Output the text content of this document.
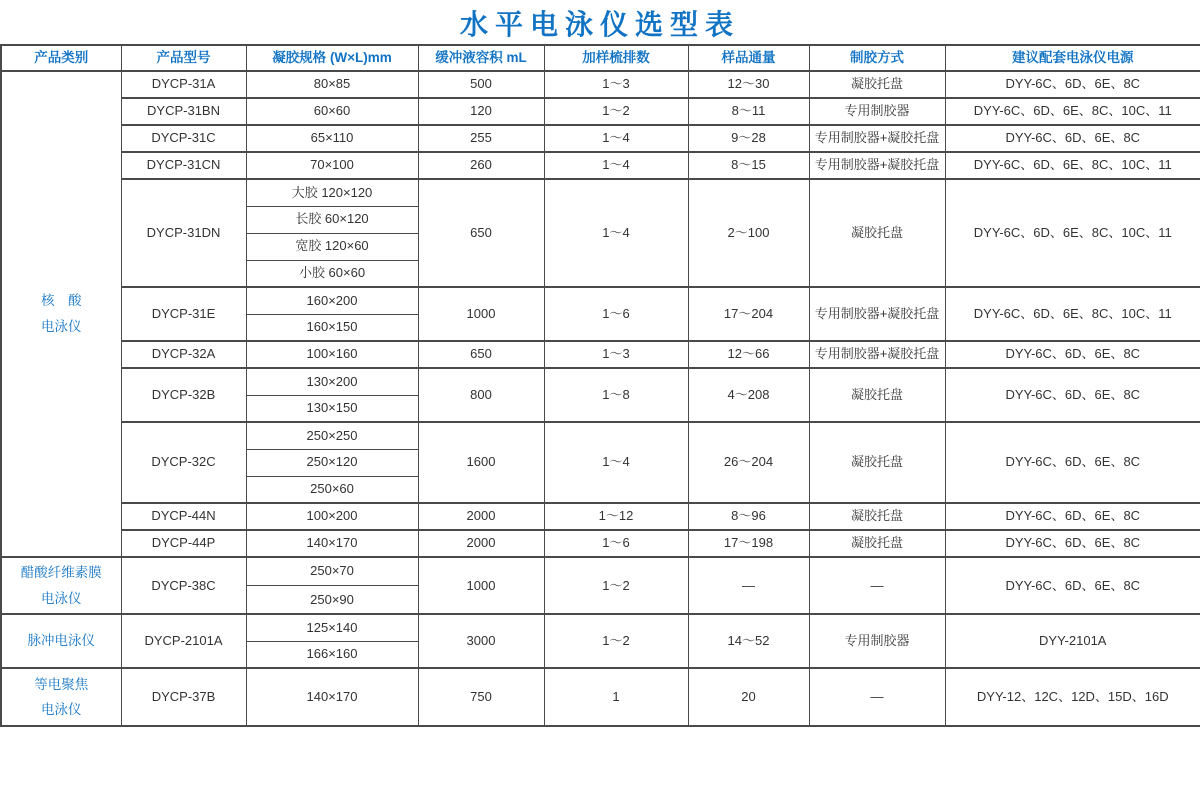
水平电泳仪选型表
产品类别	产品型号	凝胶规格 (W×L)mm	缓冲液容积 mL	加样梳排数	样品通量	制胶方式	建议配套电泳仪电源

核　酸
电泳仪	DYCP-31A	80×85	500	1～3	12～30	凝胶托盘	DYY-6C、6D、6E、8C
	DYCP-31BN	60×60	120	1～2	8～11	专用制胶器	DYY-6C、6D、6E、8C、10C、11
	DYCP-31C	65×110	255	1～4	9～28	专用制胶器+凝胶托盘	DYY-6C、6D、6E、8C
	DYCP-31CN	70×100	260	1～4	8～15	专用制胶器+凝胶托盘	DYY-6C、6D、6E、8C、10C、11
	DYCP-31DN	大胶 120×120	650	1～4	2～100	凝胶托盘	DYY-6C、6D、6E、8C、10C、11
		长胶 60×120					
		宽胶 120×60					
		小胶 60×60					
	DYCP-31E	160×200	1000	1～6	17～204	专用制胶器+凝胶托盘	DYY-6C、6D、6E、8C、10C、11
		160×150					
	DYCP-32A	100×160	650	1～3	12～66	专用制胶器+凝胶托盘	DYY-6C、6D、6E、8C
	DYCP-32B	130×200	800	1～8	4～208	凝胶托盘	DYY-6C、6D、6E、8C
		130×150					
	DYCP-32C	250×250	1600	1～4	26～204	凝胶托盘	DYY-6C、6D、6E、8C
		250×120					
		250×60					
	DYCP-44N	100×200	2000	1～12	8～96	凝胶托盘	DYY-6C、6D、6E、8C
	DYCP-44P	140×170	2000	1～6	17～198	凝胶托盘	DYY-6C、6D、6E、8C

醋酸纤维素膜
电泳仪	DYCP-38C	250×70	1000	1～2	—	—	DYY-6C、6D、6E、8C
		250×90					

脉冲电泳仪	DYCP-2101A	125×140	3000	1～2	14～52	专用制胶器	DYY-2101A
		166×160					

等电聚焦
电泳仪	DYCP-37B	140×170	750	1	20	—	DYY-12、12C、12D、15D、16D
